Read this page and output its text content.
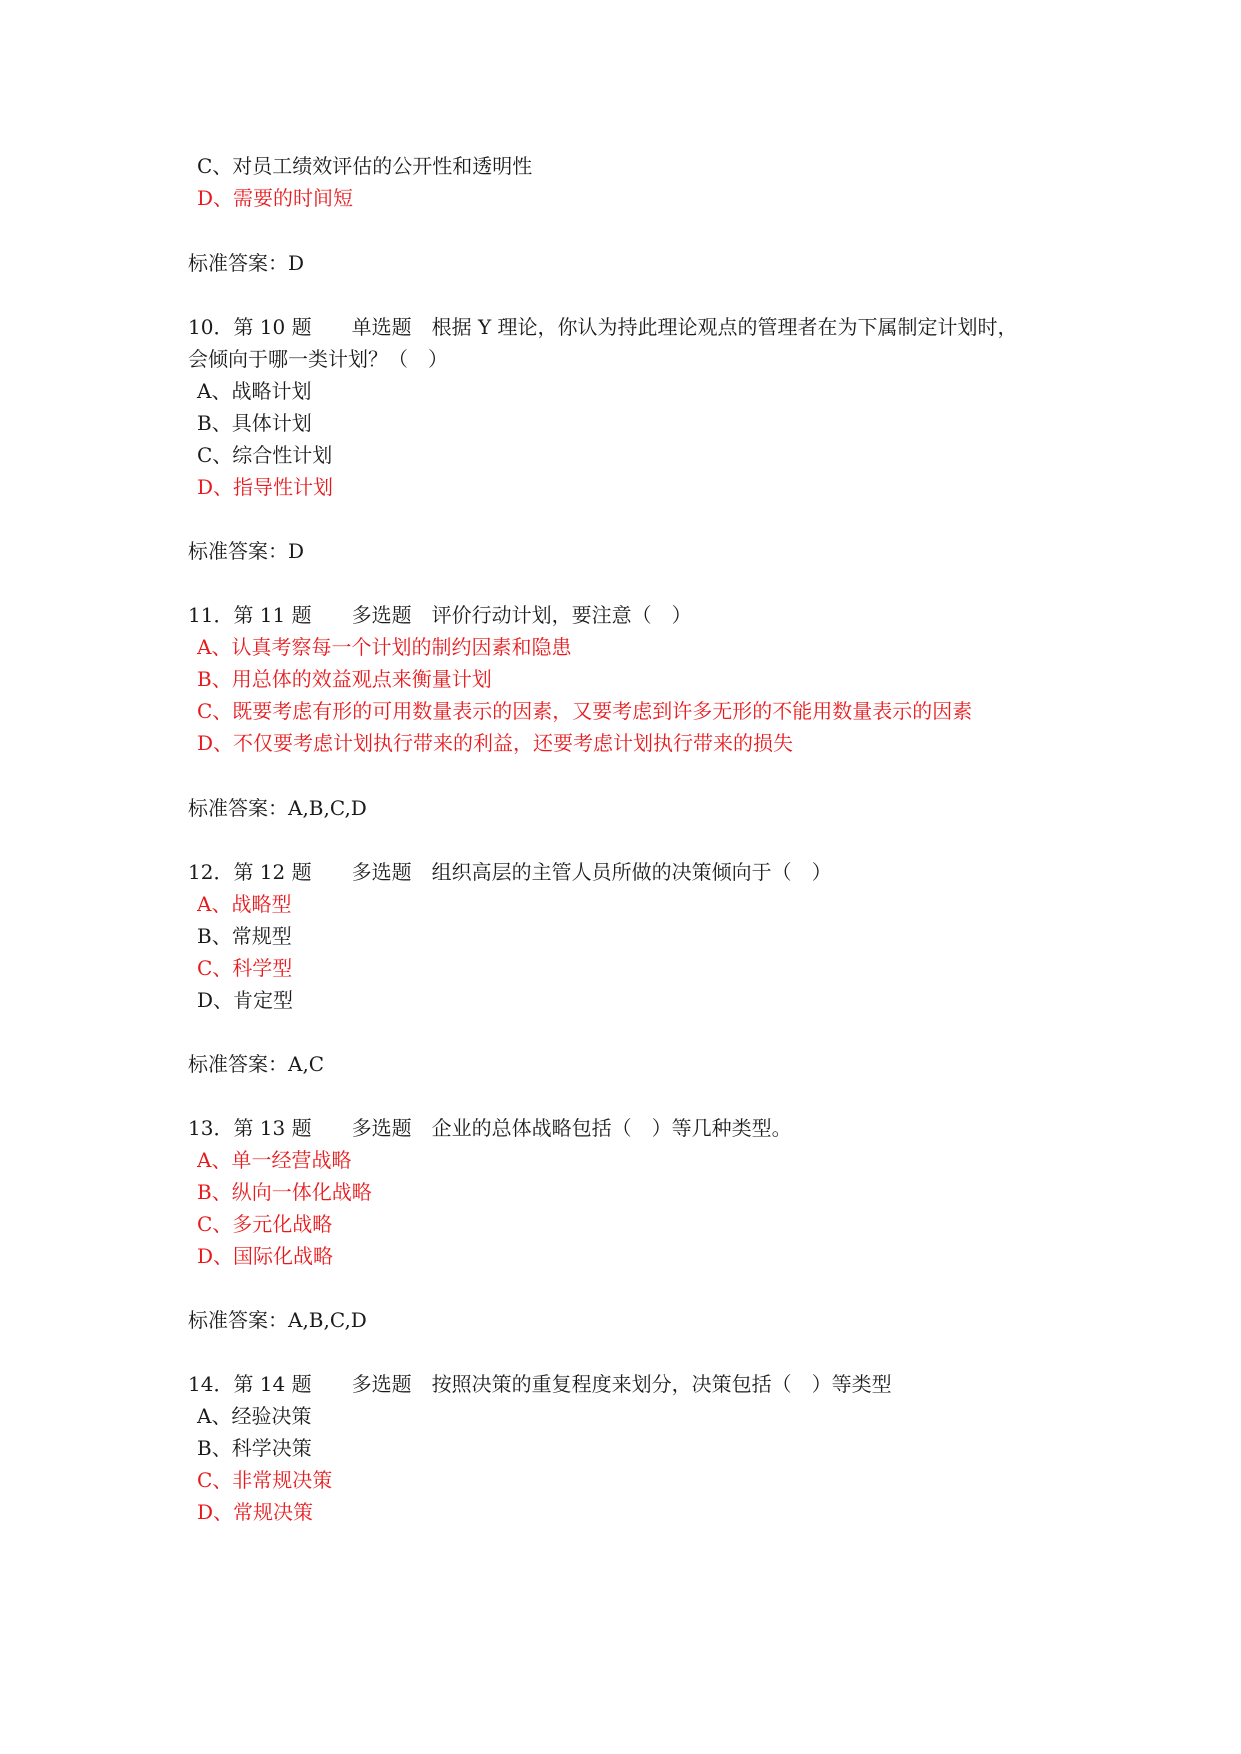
C、对员工绩效评估的公开性和透明性
D、需要的时间短
标准答案：D
10．第 10 题　　单选题　根据 Y 理论，你认为持此理论观点的管理者在为下属制定计划时，
会倾向于哪一类计划？（　）
A、战略计划
B、具体计划
C、综合性计划
D、指导性计划
标准答案：D
11．第 11 题　　多选题　评价行动计划，要注意（　）
A、认真考察每一个计划的制约因素和隐患
B、用总体的效益观点来衡量计划
C、既要考虑有形的可用数量表示的因素，又要考虑到许多无形的不能用数量表示的因素
D、不仅要考虑计划执行带来的利益，还要考虑计划执行带来的损失
标准答案：A,B,C,D
12．第 12 题　　多选题　组织高层的主管人员所做的决策倾向于（　）
A、战略型
B、常规型
C、科学型
D、肯定型
标准答案：A,C
13．第 13 题　　多选题　企业的总体战略包括（　）等几种类型。
A、单一经营战略
B、纵向一体化战略
C、多元化战略
D、国际化战略
标准答案：A,B,C,D
14．第 14 题　　多选题　按照决策的重复程度来划分，决策包括（　）等类型
A、经验决策
B、科学决策
C、非常规决策
D、常规决策
